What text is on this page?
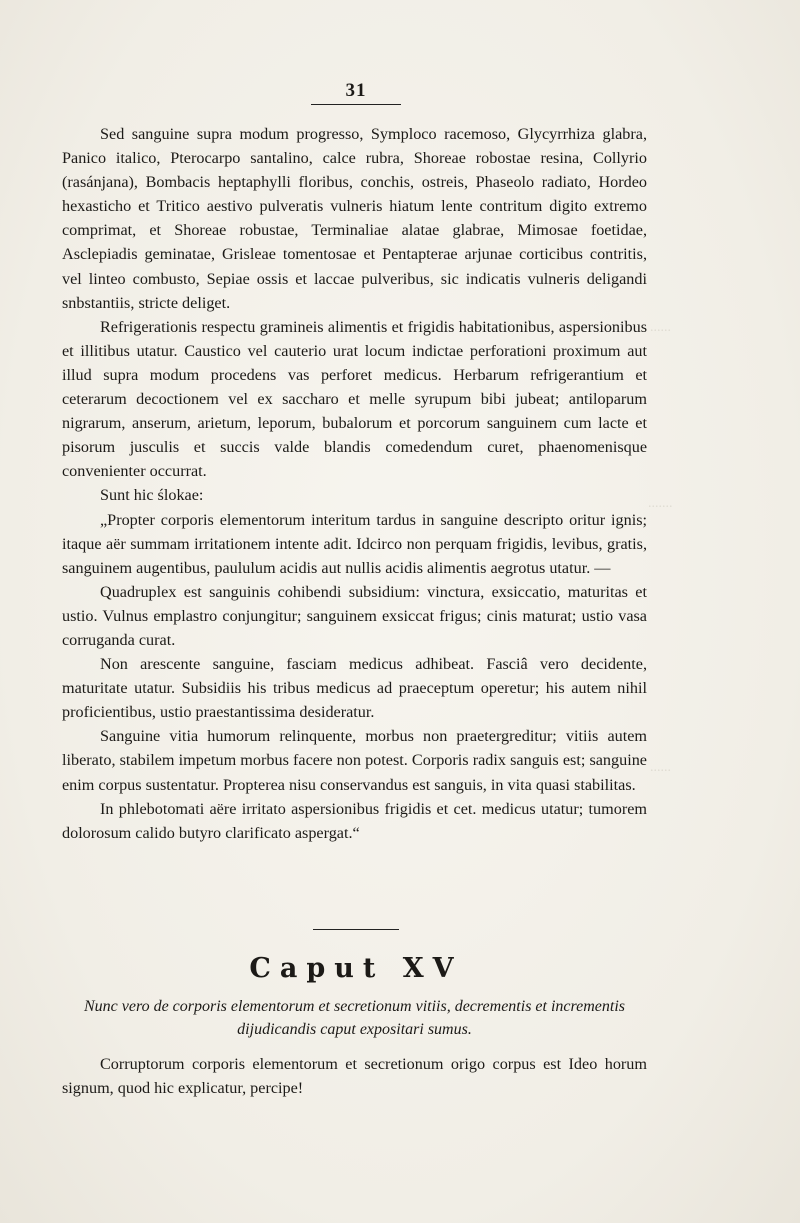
......
.......
......
31

Sed sanguine supra modum progresso, Symploco racemoso, Glycyrrhiza glabra, Panico italico, Pterocarpo santalino, calce rubra, Shoreae robostae resina, Collyrio (rasánjana), Bombacis heptaphylli floribus, conchis, ostreis, Phaseolo radiato, Hordeo hexasticho et Tritico aestivo pulveratis vulneris hiatum lente contritum digito extremo comprimat, et Shoreae robustae, Terminaliae alatae glabrae, Mimosae foetidae, Asclepiadis geminatae, Grisleae tomentosae et Pentapterae arjunae corticibus contritis, vel linteo combusto, Sepiae ossis et laccae pulveribus, sic indicatis vulneris deligandi snbstantiis, stricte deliget.

Refrigerationis respectu gramineis alimentis et frigidis habitationibus, aspersionibus et illitibus utatur. Caustico vel cauterio urat locum indictae perforationi proximum aut illud supra modum procedens vas perforet medicus. Herbarum refrigerantium et ceterarum decoctionem vel ex saccharo et melle syrupum bibi jubeat; antiloparum nigrarum, anserum, arietum, leporum, bubalorum et porcorum sanguinem cum lacte et pisorum jusculis et succis valde blandis comedendum curet, phaenomenisque convenienter occurrat.

Sunt hic ślokae:

„Propter corporis elementorum interitum tardus in sanguine descripto oritur ignis; itaque aër summam irritationem intente adit. Idcirco non perquam frigidis, levibus, gratis, sanguinem augentibus, paululum acidis aut nullis acidis alimentis aegrotus utatur. —

Quadruplex est sanguinis cohibendi subsidium: vinctura, exsiccatio, maturitas et ustio. Vulnus emplastro conjungitur; sanguinem exsiccat frigus; cinis maturat; ustio vasa corruganda curat.

Non arescente sanguine, fasciam medicus adhibeat. Fasciâ vero decidente, maturitate utatur. Subsidiis his tribus medicus ad praeceptum operetur; his autem nihil proficientibus, ustio praestantissima desideratur.

Sanguine vitia humorum relinquente, morbus non praetergreditur; vitiis autem liberato, stabilem impetum morbus facere non potest. Corporis radix sanguis est; sanguine enim corpus sustentatur. Propterea nisu conservandus est sanguis, in vita quasi stabilitas.

In phlebotomati aëre irritato aspersionibus frigidis et cet. medicus utatur; tumorem dolorosum calido butyro clarificato aspergat.“

Caput XV
Nunc vero de corporis elementorum et secretionum vitiis, decrementis et incrementis dijudicandis caput expositari sumus.

Corruptorum corporis elementorum et secretionum origo corpus est Ideo horum signum, quod hic explicatur, percipe!
